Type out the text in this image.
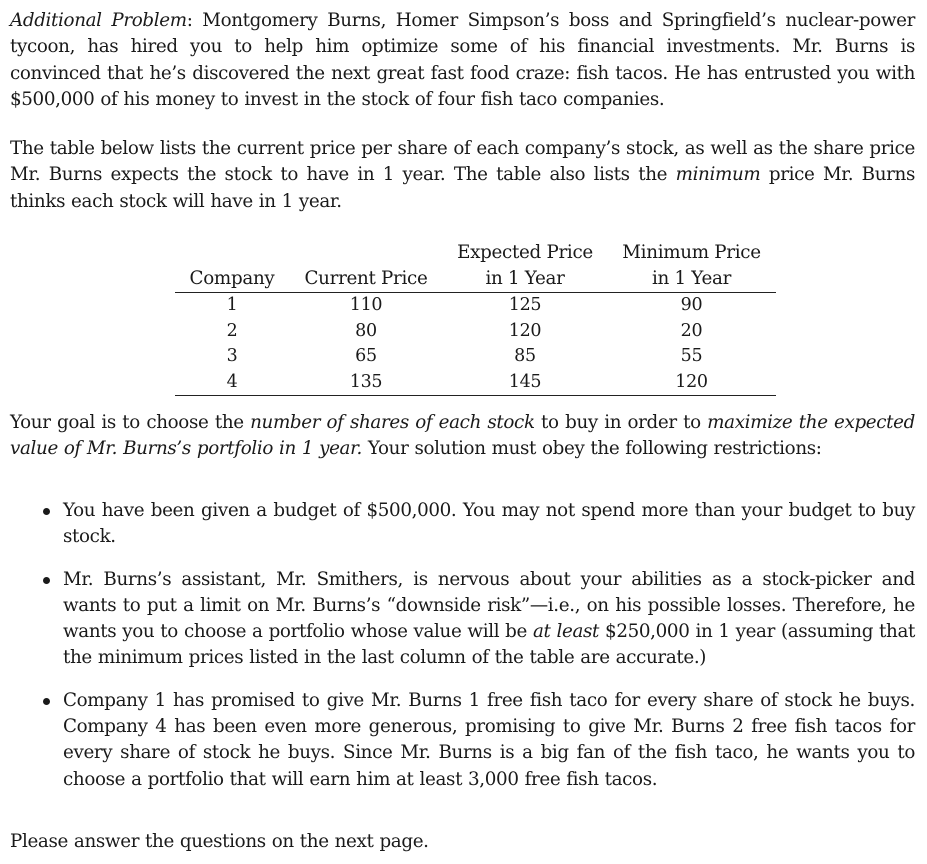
Additional Problem: Montgomery Burns, Homer Simpson’s boss and Springfield’s nuclear-power tycoon, has hired you to help him optimize some of his financial investments. Mr. Burns is convinced that he’s discovered the next great fast food craze: fish tacos. He has entrusted you with $500,000 of his money to invest in the stock of four fish taco companies.

The table below lists the current price per share of each company’s stock, as well as the share price Mr. Burns expects the stock to have in 1 year. The table also lists the minimum price Mr. Burns thinks each stock will have in 1 year.

		Expected Price	Minimum Price
Company	Current Price	in 1 Year	in 1 Year
1	110	125	90
2	80	120	20
3	65	85	55
4	135	145	120

Your goal is to choose the number of shares of each stock to buy in order to maximize the expected value of Mr. Burns’s portfolio in 1 year. Your solution must obey the following restrictions:

You have been given a budget of $500,000. You may not spend more than your budget to buy stock.

Mr. Burns’s assistant, Mr. Smithers, is nervous about your abilities as a stock-picker and wants to put a limit on Mr. Burns’s “downside risk”—i.e., on his possible losses. Therefore, he wants you to choose a portfolio whose value will be at least $250,000 in 1 year (assuming that the minimum prices listed in the last column of the table are accurate.)

Company 1 has promised to give Mr. Burns 1 free fish taco for every share of stock he buys. Company 4 has been even more generous, promising to give Mr. Burns 2 free fish tacos for every share of stock he buys. Since Mr. Burns is a big fan of the fish taco, he wants you to choose a portfolio that will earn him at least 3,000 free fish tacos.

Please answer the questions on the next page.
